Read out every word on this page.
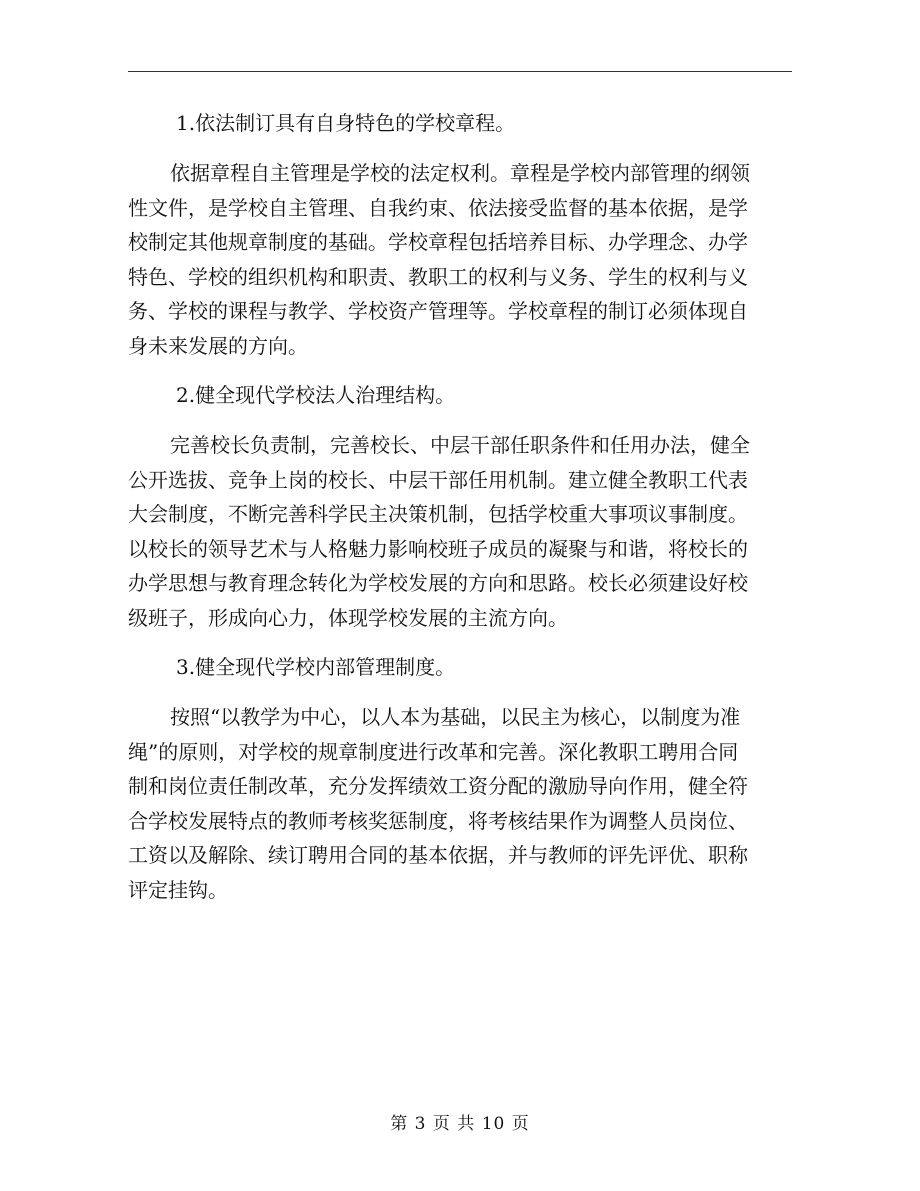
1.依法制订具有自身特色的学校章程。

依据章程自主管理是学校的法定权利。章程是学校内部管理的纲领
性文件，是学校自主管理、自我约束、依法接受监督的基本依据，是学
校制定其他规章制度的基础。学校章程包括培养目标、办学理念、办学
特色、学校的组织机构和职责、教职工的权利与义务、学生的权利与义
务、学校的课程与教学、学校资产管理等。学校章程的制订必须体现自
身未来发展的方向。

2.健全现代学校法人治理结构。

完善校长负责制，完善校长、中层干部任职条件和任用办法，健全
公开选拔、竞争上岗的校长、中层干部任用机制。建立健全教职工代表
大会制度，不断完善科学民主决策机制，包括学校重大事项议事制度。
以校长的领导艺术与人格魅力影响校班子成员的凝聚与和谐，将校长的
办学思想与教育理念转化为学校发展的方向和思路。校长必须建设好校
级班子，形成向心力，体现学校发展的主流方向。

3.健全现代学校内部管理制度。

按照“以教学为中心，以人本为基础，以民主为核心，以制度为准
绳”的原则，对学校的规章制度进行改革和完善。深化教职工聘用合同
制和岗位责任制改革，充分发挥绩效工资分配的激励导向作用，健全符
合学校发展特点的教师考核奖惩制度，将考核结果作为调整人员岗位、
工资以及解除、续订聘用合同的基本依据，并与教师的评先评优、职称
评定挂钩。

第 3 页 共 10 页
